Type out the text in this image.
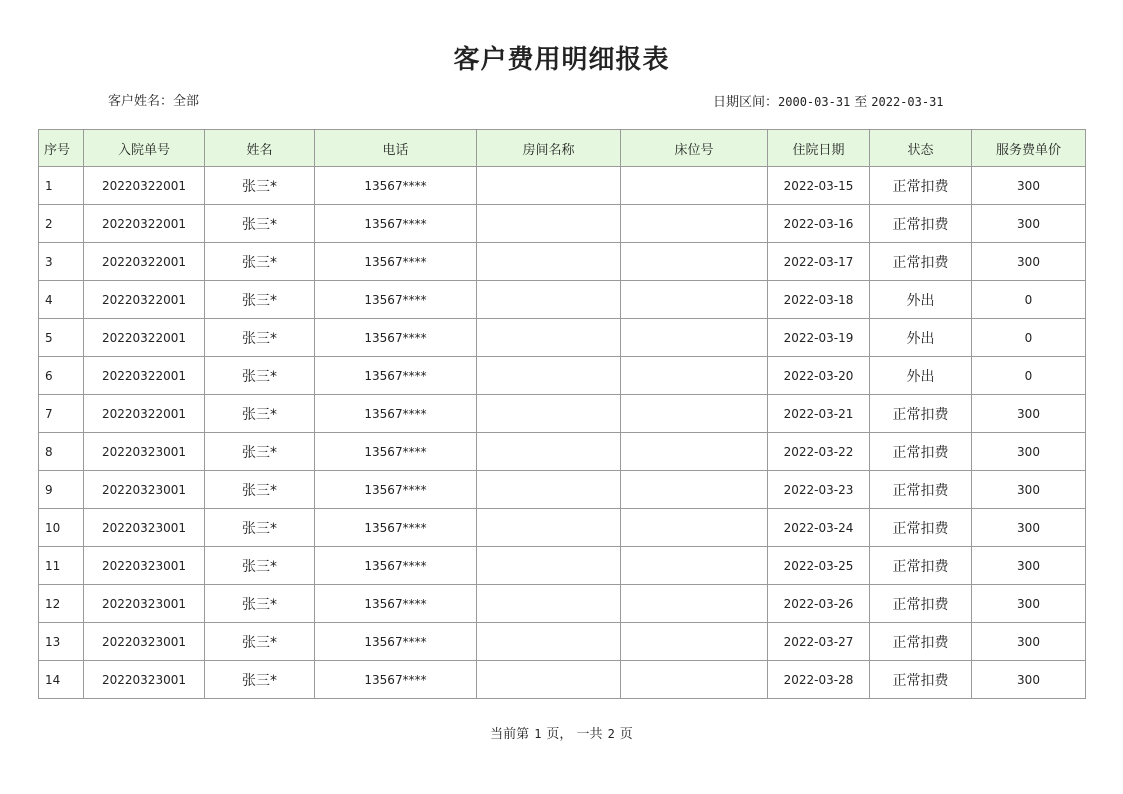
客户费用明细报表
客户姓名：全部	日期区间：2000-03-31 至 2022-03-31
序号	入院单号	姓名	电话	房间名称	床位号	住院日期	状态	服务费单价
1	20220322001	张三*	13567****			2022-03-15	正常扣费	300
2	20220322001	张三*	13567****			2022-03-16	正常扣费	300
3	20220322001	张三*	13567****			2022-03-17	正常扣费	300
4	20220322001	张三*	13567****			2022-03-18	外出	0
5	20220322001	张三*	13567****			2022-03-19	外出	0
6	20220322001	张三*	13567****			2022-03-20	外出	0
7	20220322001	张三*	13567****			2022-03-21	正常扣费	300
8	20220323001	张三*	13567****			2022-03-22	正常扣费	300
9	20220323001	张三*	13567****			2022-03-23	正常扣费	300
10	20220323001	张三*	13567****			2022-03-24	正常扣费	300
11	20220323001	张三*	13567****			2022-03-25	正常扣费	300
12	20220323001	张三*	13567****			2022-03-26	正常扣费	300
13	20220323001	张三*	13567****			2022-03-27	正常扣费	300
14	20220323001	张三*	13567****			2022-03-28	正常扣费	300
当前第 1 页， 一共 2 页
